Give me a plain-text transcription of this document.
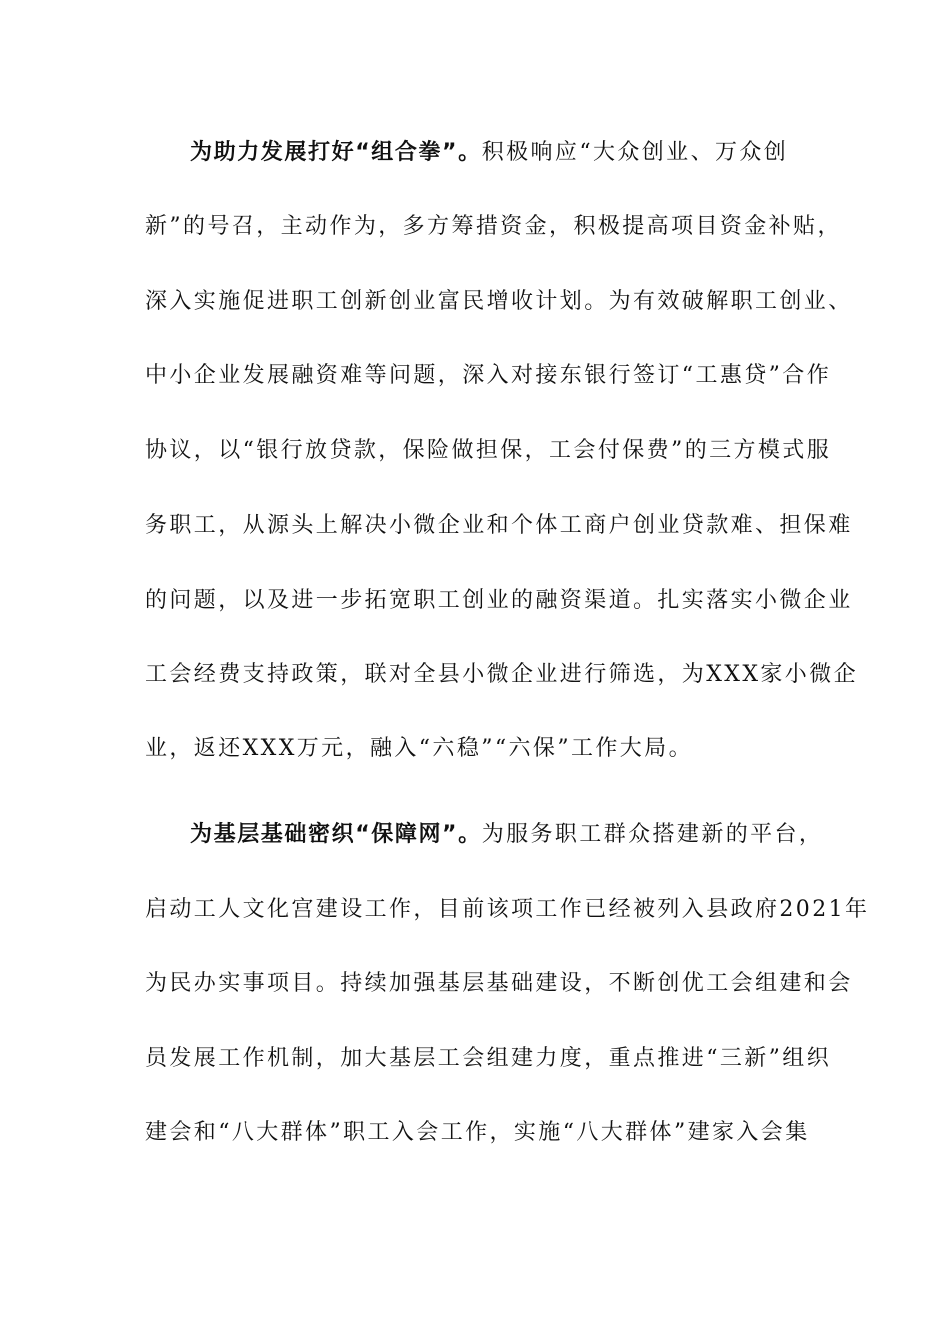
为助力发展打好“组合拳”。积极响应“大众创业、万众创
新”的号召，主动作为，多方筹措资金，积极提高项目资金补贴，
深入实施促进职工创新创业富民增收计划。为有效破解职工创业、
中小企业发展融资难等问题，深入对接东银行签订“工惠贷”合作
协议，以“银行放贷款，保险做担保，工会付保费”的三方模式服
务职工，从源头上解决小微企业和个体工商户创业贷款难、担保难
的问题，以及进一步拓宽职工创业的融资渠道。扎实落实小微企业
工会经费支持政策，联对全县小微企业进行筛选，为XXX家小微企
业，返还XXX万元，融入“六稳”“六保”工作大局。
为基层基础密织“保障网”。为服务职工群众搭建新的平台，
启动工人文化宫建设工作，目前该项工作已经被列入县政府2021年
为民办实事项目。持续加强基层基础建设，不断创优工会组建和会
员发展工作机制，加大基层工会组建力度，重点推进“三新”组织
建会和“八大群体”职工入会工作，实施“八大群体”建家入会集
